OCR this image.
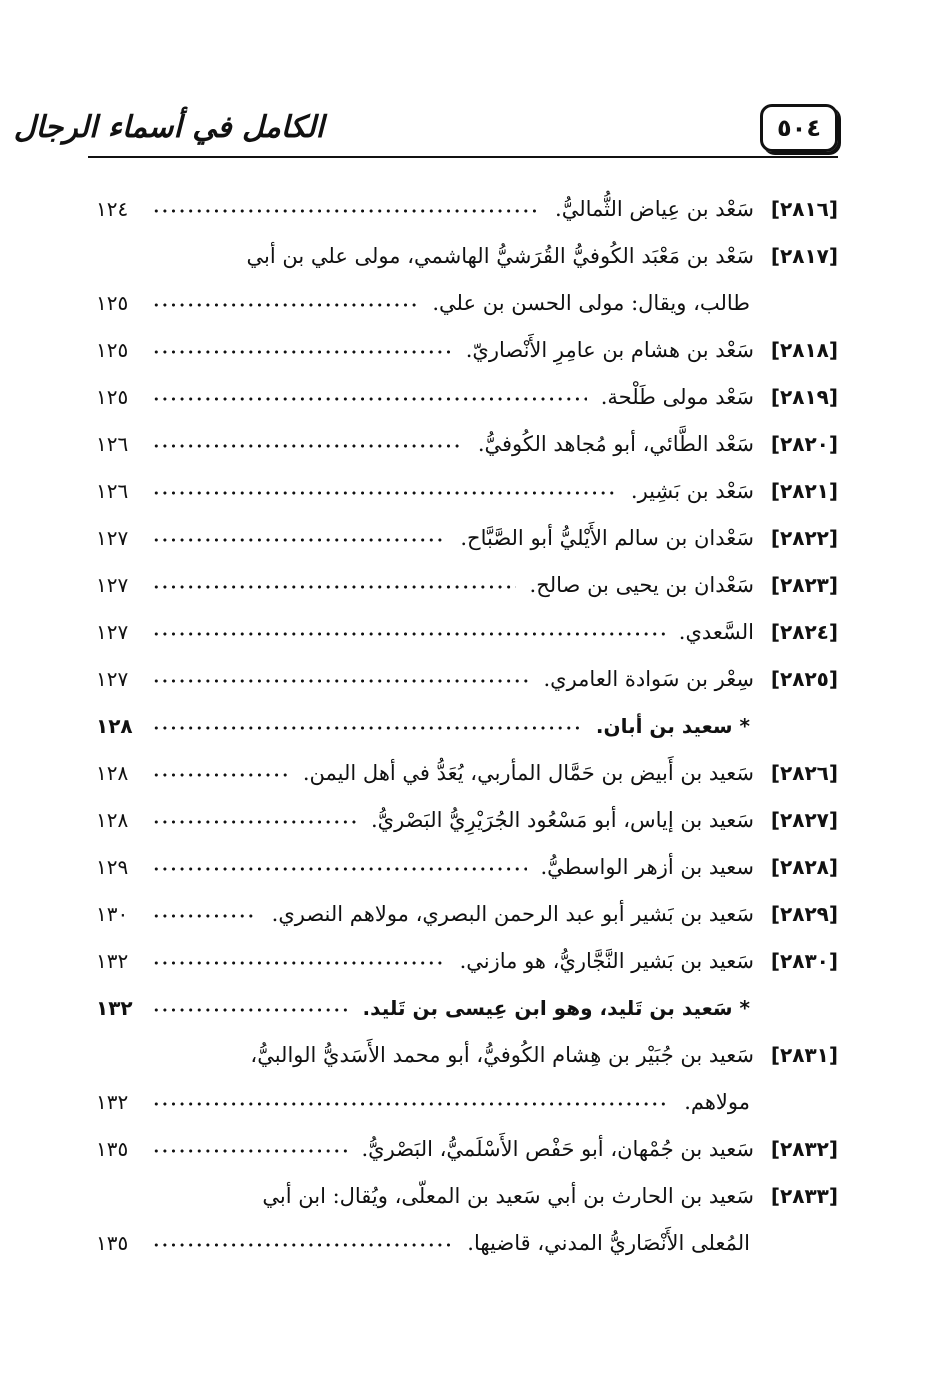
الكامل في أسماء الرجال	٥٠٤
[٢٨١٦]
سَعْد بن عِياض الثُّماليُّ.
١٢٤
[٢٨١٧]
سَعْد بن مَعْبَد الكُوفيُّ القُرَشيُّ الهاشمي، مولى علي بن أبي
طالب، ويقال: مولى الحسن بن علي.
١٢٥
[٢٨١٨]
سَعْد بن هشام بن عامِرِ الأَنْصاريّ.
١٢٥
[٢٨١٩]
سَعْد مولى طَلْحة.
١٢٥
[٢٨٢٠]
سَعْد الطَّائي، أبو مُجاهد الكُوفيُّ.
١٢٦
[٢٨٢١]
سَعْد بن بَشِير.
١٢٦
[٢٨٢٢]
سَعْدان بن سالم الأَيْليُّ أبو الصَّبَّاح.
١٢٧
[٢٨٢٣]
سَعْدان بن يحيى بن صالح.
١٢٧
[٢٨٢٤]
السَّعدي.
١٢٧
[٢٨٢٥]
سِعْر بن سَوادة العامري.
١٢٧
* سعيد بن أبان.
١٢٨
[٢٨٢٦]
سَعيد بن أَبيض بن حَمَّال المأربي، يُعَدُّ في أهل اليمن.
١٢٨
[٢٨٢٧]
سَعيد بن إياس، أبو مَسْعُود الجُرَيْرِيُّ البَصْريُّ.
١٢٨
[٢٨٢٨]
سعيد بن أزهر الواسطيُّ.
١٢٩
[٢٨٢٩]
سَعيد بن بَشير أبو عبد الرحمن البصري، مولاهم النصري.
١٣٠
[٢٨٣٠]
سَعيد بن بَشير النَّجَّاريُّ، هو مازني.
١٣٢
* سَعيد بن تَليد، وهو ابن عِيسى بن تَليد.
١٣٢
[٢٨٣١]
سَعيد بن جُبَيْر بن هِشام الكُوفيُّ، أبو محمد الأَسَديُّ الوالبيُّ،
مولاهم.
١٣٢
[٢٨٣٢]
سَعيد بن جُمْهان، أبو حَفْص الأَسْلَميُّ، البَصْريُّ.
١٣٥
[٢٨٣٣]
سَعيد بن الحارث بن أبي سَعيد بن المعلّى، ويُقال: ابن أبي
المُعلى الأَنْصَاريُّ المدني، قاضيها.
١٣٥
